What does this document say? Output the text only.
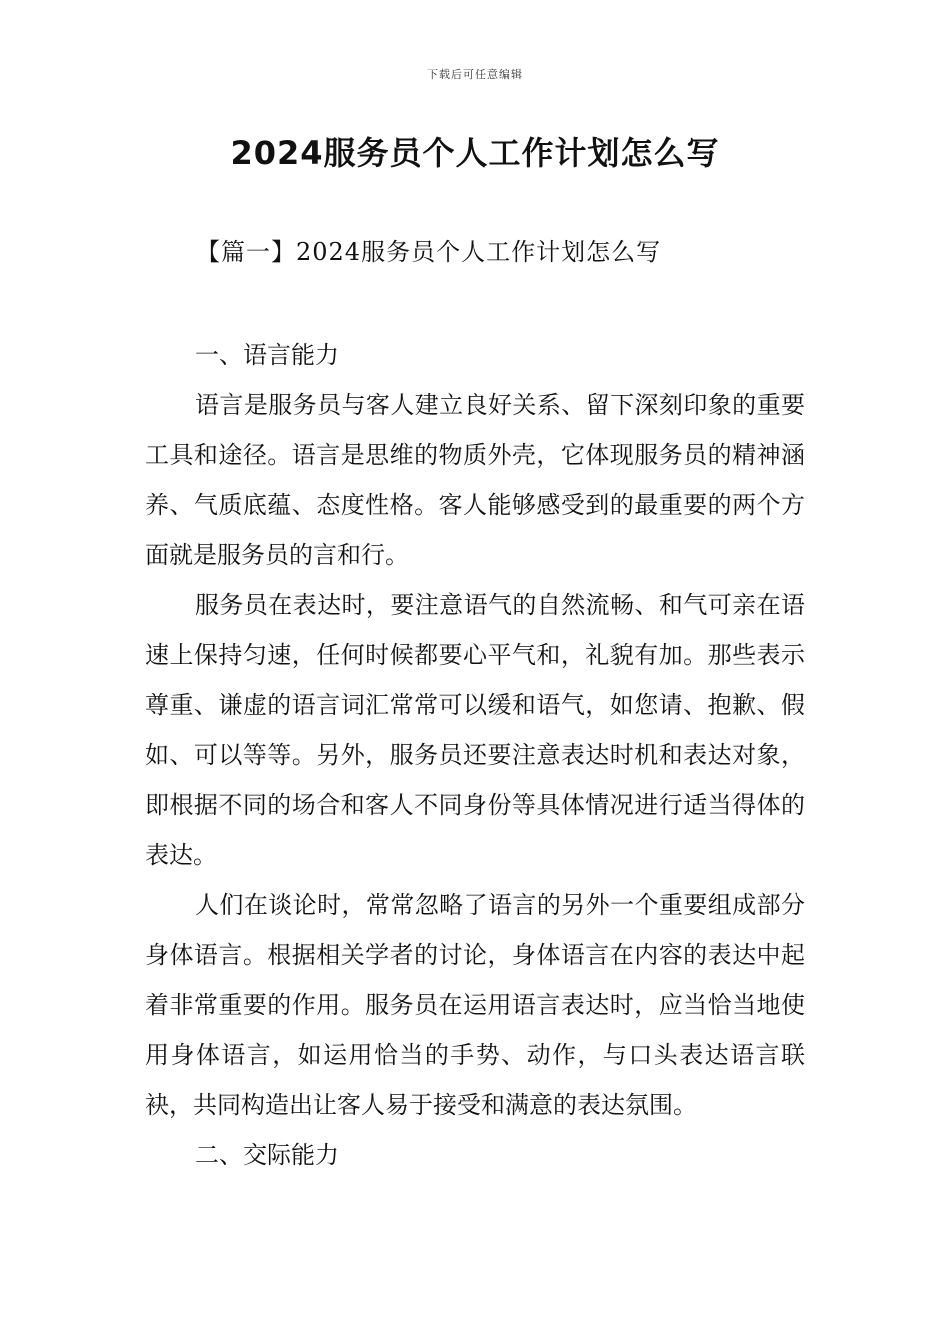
下载后可任意编辑
2024服务员个人工作计划怎么写
【篇一】2024服务员个人工作计划怎么写

一、语言能力

语言是服务员与客人建立良好关系、留下深刻印象的重要工具和途径。语言是思维的物质外壳，它体现服务员的精神涵养、气质底蕴、态度性格。客人能够感受到的最重要的两个方面就是服务员的言和行。

服务员在表达时，要注意语气的自然流畅、和气可亲在语速上保持匀速，任何时候都要心平气和，礼貌有加。那些表示尊重、谦虚的语言词汇常常可以缓和语气，如您请、抱歉、假如、可以等等。另外，服务员还要注意表达时机和表达对象，即根据不同的场合和客人不同身份等具体情况进行适当得体的表达。

人们在谈论时，常常忽略了语言的另外一个重要组成部分身体语言。根据相关学者的讨论，身体语言在内容的表达中起着非常重要的作用。服务员在运用语言表达时，应当恰当地使用身体语言，如运用恰当的手势、动作，与口头表达语言联袂，共同构造出让客人易于接受和满意的表达氛围。

二、交际能力
